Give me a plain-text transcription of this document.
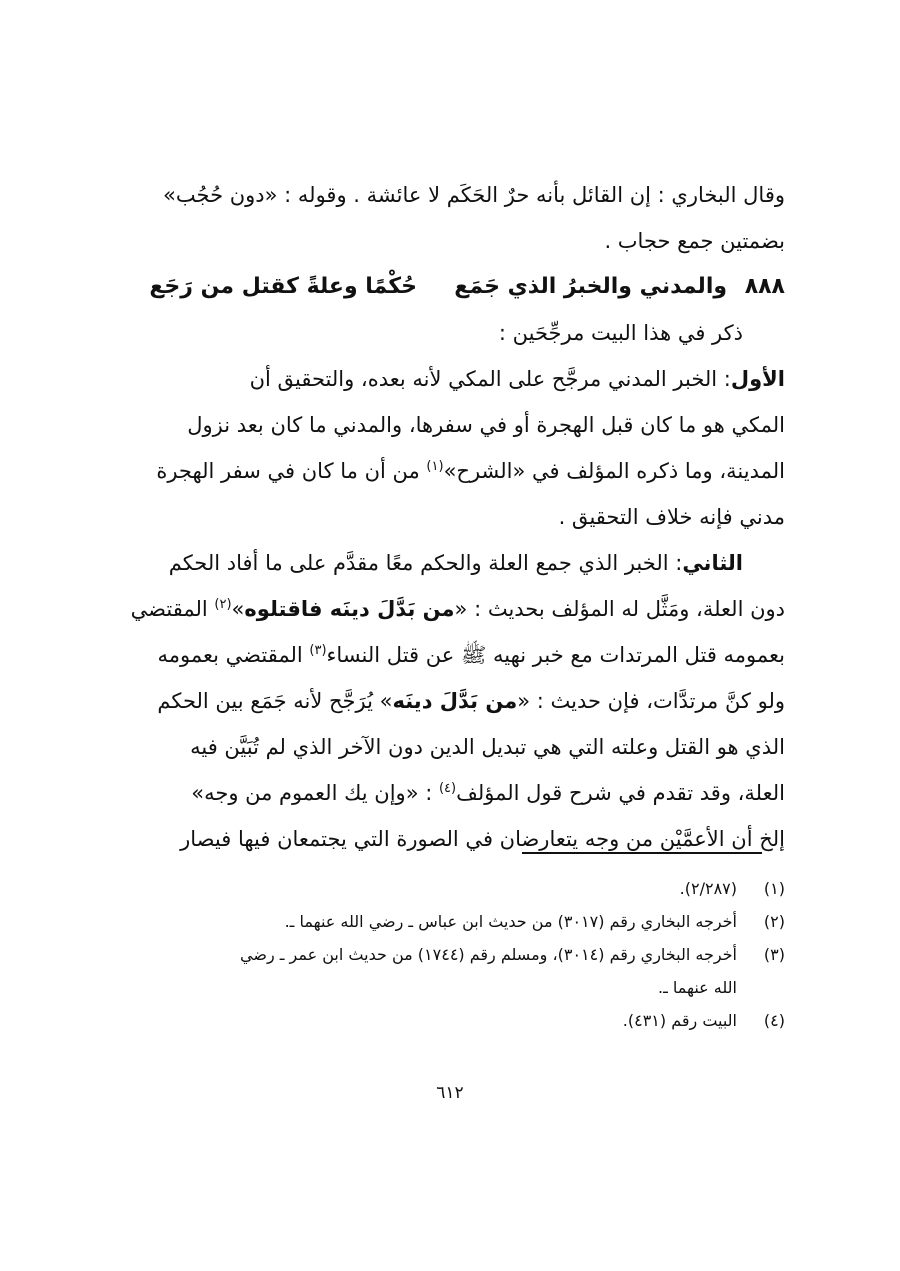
وقال البخاري : إن القائل بأنه حرٌ الحَكَم لا عائشة . وقوله : «دون حُجُب»
بضمتين جمع حجاب .
٨٨٨ والمدني والخبرُ الذي جَمَع  حُكْمًا وعلةً كقتل من رَجَع
ذكر في هذا البيت مرجِّحَين :
الأول: الخبر المدني مرجَّح على المكي لأنه بعده، والتحقيق أن
المكي هو ما كان قبل الهجرة أو في سفرها، والمدني ما كان بعد نزول
المدينة، وما ذكره المؤلف في «الشرح»$^{(١)}$ من أن ما كان في سفر الهجرة
مدني فإنه خلاف التحقيق .
الثاني: الخبر الذي جمع العلة والحكم معًا مقدَّم على ما أفاد الحكم
دون العلة، ومَثَّل له المؤلف بحديث : «من بَدَّلَ دينَه فاقتلوه»$^{(٢)}$ المقتضي
بعمومه قتل المرتدات مع خبر نهيه ﷺ عن قتل النساء$^{(٣)}$ المقتضي بعمومه
ولو كنَّ مرتدَّات، فإن حديث : «من بَدَّلَ دينَه» يُرَجَّح لأنه جَمَع بين الحكم
الذي هو القتل وعلته التي هي تبديل الدين دون الآخر الذي لم تُبَيَّن فيه
العلة، وقد تقدم في شرح قول المؤلف$^{(٤)}$ : «وإن يك العموم من وجه»
إلخ أن الأعمَّيْن من وجه يتعارضان في الصورة التي يجتمعان فيها فيصار
(١)(٢/٢٨٧).
(٢)أخرجه البخاري رقم (٣٠١٧) من حديث ابن عباس ـ رضي الله عنهما ـ.
(٣)أخرجه البخاري رقم (٣٠١٤)، ومسلم رقم (١٧٤٤) من حديث ابن عمر ـ رضي
الله عنهما ـ.
(٤)البيت رقم (٤٣١).
٦١٢
